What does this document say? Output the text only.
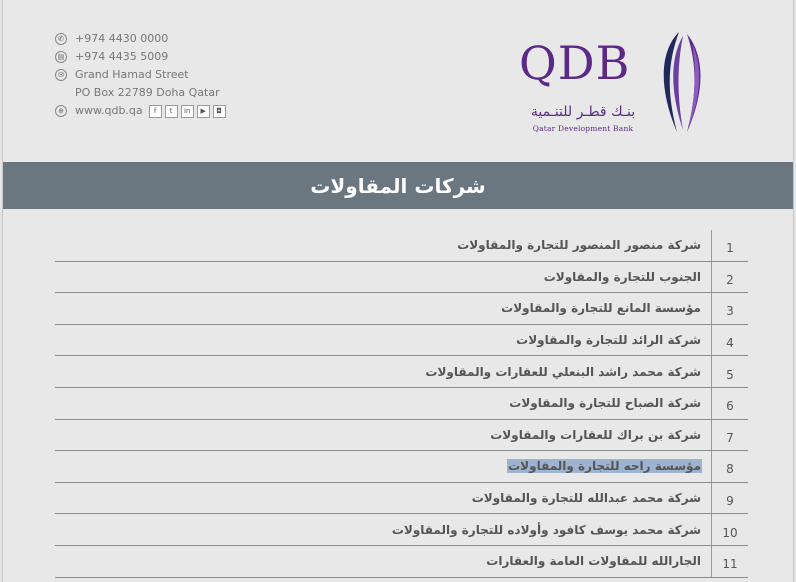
✆ +974 4430 0000
▤ +974 4435 5009
✉ Grand Hamad Street
PO Box 22789 Doha Qatar
⊕ www.qdb.qa	f	t	in	▶	◘
QDB
بنـك قطـر للتنـمية
Qatar Development Bank
شركات المقاولات
شركة منصور المنصور للتجارة والمقاولات	1
الجنوب للتجارة والمقاولات	2
مؤسسة المانع للتجارة والمقاولات	3
شركة الرائد للتجارة والمقاولات	4
شركة محمد راشد البنعلي للعقارات والمقاولات	5
شركة الصباح للتجارة والمقاولات	6
شركة بن براك للعقارات والمقاولات	7
مؤسسة راحه للتجارة والمقاولات	8
شركة محمد عبدالله للتجارة والمقاولات	9
شركة محمد يوسف كافود وأولاده للتجارة والمقاولات	10
الجارالله للمقاولات العامة والعقارات	11
